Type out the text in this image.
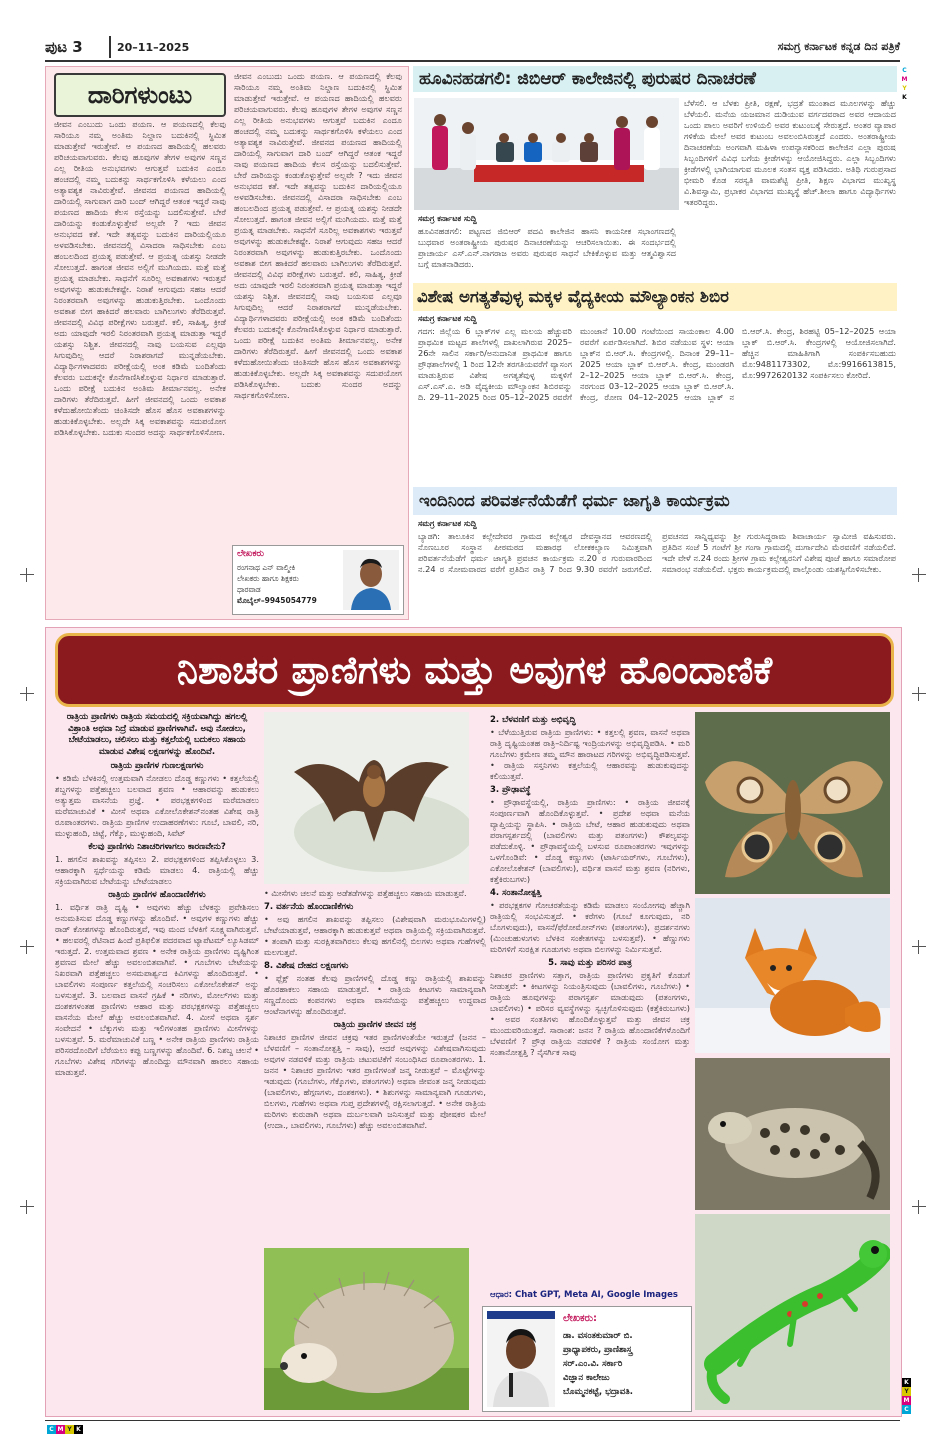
ಪುಟ 3	20–11–2025	ಸಮಗ್ರ ಕರ್ನಾಟಕ ಕನ್ನಡ ದಿನ ಪತ್ರಿಕೆ
C
M
Y
K
K
Y
M
C
C M Y K
ದಾರಿಗಳುಂಟು
ಜೀವನ ಎಂಬುದು ಒಂದು ಪಯಣ. ಆ ಪಯಣದಲ್ಲಿ ಕೆಲವು ಸಾರಿಯೂ ನಮ್ಮ ಅಂತಿಮ ನಿಲ್ದಾಣ ಬದುಕಿನಲ್ಲಿ ಸ್ಥಿಮಿತ ಮಾಡುತ್ತೇವೆ ಇರುತ್ತೇವೆ. ಆ ಪಯಣದ ಹಾದಿಯಲ್ಲಿ ಹಲವರು ಪರಿಚಯವಾಗುವರು. ಕೆಲವು ಹೂವುಗಳ ತೇಗಳ ಅವುಗಳ ಸಣ್ಣನ ಎಲ್ಲ ರೀತಿಯ ಅನುಭವಗಳು ಆಗುತ್ತವೆ ಬದುಕಿನ ಎಂದೂ ಹಂಚದಲ್ಲಿ ನಮ್ಮ ಬದುಕನ್ನು ಸಾರ್ಥಕಗೊಳಿಸಿ ಕಳೆಯಲು ಎಂದ ಅತ್ಯಾವಶ್ಯಕ ನಾವಿರುತ್ತೇವೆ. ಜೀವನದ ಪಯಣದ ಹಾದಿಯಲ್ಲಿ ದಾರಿಯಲ್ಲಿ ಸಾಗುವಾಗ ದಾರಿ ಬಂದ್ ಆಗಿದ್ದರೆ ಆತಂಕ ಇದ್ದರೆ ನಾವು ಪಯಣದ ಹಾದಿಯ ಕೆಲಸ ರಸ್ತೆಯನ್ನು ಬದಲಿಸುತ್ತೇವೆ. ಬೇರೆ ದಾರಿಯನ್ನು ಕಂಡುಕೊಳ್ಳುತ್ತೇವೆ ಅಲ್ಲವೇ ? ಇದು ಜೀವನ ಅನುಭವದ ಕತೆ. ಇದೇ ತತ್ವವನ್ನು ಬದುಕಿನ ದಾರಿಯಲ್ಲಿಯೂ ಅಳವಡಿಸಬೇಕು. ಜೀವನದಲ್ಲಿ ವಿಸಾದರಾ ಸಾಧಿಸಬೇಕು ಎಂಬ ಹಂಬಲದಿಂದ ಪ್ರಯತ್ನ ಪಡುತ್ತೇವೆ. ಆ ಪ್ರಯತ್ನ ಯಶಸ್ಸು ನೀಡದೇ ಸೋಲುತ್ತದೆ. ಹಾಗಂತ ಜೀವನ ಅಲ್ಲಿಗೆ ಮುಗಿಯದು. ಮತ್ತೆ ಮತ್ತೆ ಪ್ರಯತ್ನ ಮಾಡಬೇಕು. ಸಾಧನೆಗೆ ಸೂರಿಲ್ಲ ಅವಕಾಶಗಳು ಇರುತ್ತವೆ ಅವುಗಳನ್ನು ಹುಡುಕಬೇಕಷ್ಟೇ. ನಿರಾಶೆ ಆಗುವುದು ಸಹಜ ಆದರೆ ನಿರಂತರವಾಗಿ ಅವುಗಳನ್ನು ಹುಡುಕುತ್ತಿರಬೇಕು. ಒಂದೊಂದು ಅವಕಾಶ ಬೀಗ ಹಾಕಿದರೆ ಹಲವಾರು ಬಾಗಿಲುಗಳು ತೆರೆದಿರುತ್ತವೆ. ಜೀವನದಲ್ಲಿ ವಿವಿಧ ಪರೀಕ್ಷೆಗಳು ಬರುತ್ತವೆ. ಕಲಿ, ಸಾಹಿತ್ಯ, ಕ್ರೀಡೆ ಅದು ಯಾವುದೇ ಇರಲಿ ನಿರಂತರವಾಗಿ ಪ್ರಯತ್ನ ಮಾಡುತ್ತಾ ಇದ್ದರೆ ಯಶಸ್ಸು ನಿಶ್ಚಿತ. ಜೀವನದಲ್ಲಿ ನಾವು ಬಯಸುವ ಎಲ್ಲವೂ ಸಿಗುವುದಿಲ್ಲ ಆದರೆ ನಿರಾಶರಾಗದೆ ಮುನ್ನಡೆಯಬೇಕು. ವಿದ್ಯಾರ್ಥಿಗಳಾದವರು ಪರೀಕ್ಷೆಯಲ್ಲಿ ಅಂಕ ಕಡಿಮೆ ಬಂದಿತೆಂದು ಕೆಲವರು ಬದುಕನ್ನೇ ಕೊನೆಗಾಣಿಸಿಕೊಳ್ಳುವ ನಿರ್ಧಾರ ಮಾಡುತ್ತಾರೆ. ಒಂದು ಪರೀಕ್ಷೆ ಬದುಕಿನ ಅಂತಿಮ ತೀರ್ಮಾನವಲ್ಲ. ಅನೇಕ ದಾರಿಗಳು ತೆರೆದಿರುತ್ತವೆ. ಹೀಗೆ ಜೀವನದಲ್ಲಿ ಒಂದು ಅವಕಾಶ ಕಳೆದುಹೋಯಿತೆಂದು ಚಿಂತಿಸದೇ ಹೊಸ ಹೊಸ ಅವಕಾಶಗಳನ್ನು ಹುಡುಕಿಕೊಳ್ಳಬೇಕು. ಅಲ್ಲದೇ ಸಿಕ್ಕ ಅವಕಾಶವನ್ನು ಸದುಪಯೋಗ ಪಡಿಸಿಕೊಳ್ಳಬೇಕು. ಬದುಕು ಸುಂದರ ಅದನ್ನು ಸಾರ್ಥಕಗೊಳಿಸೋಣ.
ಜೀವನ ಎಂಬುದು ಒಂದು ಪಯಣ. ಆ ಪಯಣದಲ್ಲಿ ಕೆಲವು ಸಾರಿಯೂ ನಮ್ಮ ಅಂತಿಮ ನಿಲ್ದಾಣ ಬದುಕಿನಲ್ಲಿ ಸ್ಥಿಮಿತ ಮಾಡುತ್ತೇವೆ ಇರುತ್ತೇವೆ. ಆ ಪಯಣದ ಹಾದಿಯಲ್ಲಿ ಹಲವರು ಪರಿಚಯವಾಗುವರು. ಕೆಲವು ಹೂವುಗಳ ತೇಗಳ ಅವುಗಳ ಸಣ್ಣನ ಎಲ್ಲ ರೀತಿಯ ಅನುಭವಗಳು ಆಗುತ್ತವೆ ಬದುಕಿನ ಎಂದೂ ಹಂಚದಲ್ಲಿ ನಮ್ಮ ಬದುಕನ್ನು ಸಾರ್ಥಕಗೊಳಿಸಿ ಕಳೆಯಲು ಎಂದ ಅತ್ಯಾವಶ್ಯಕ ನಾವಿರುತ್ತೇವೆ. ಜೀವನದ ಪಯಣದ ಹಾದಿಯಲ್ಲಿ ದಾರಿಯಲ್ಲಿ ಸಾಗುವಾಗ ದಾರಿ ಬಂದ್ ಆಗಿದ್ದರೆ ಆತಂಕ ಇದ್ದರೆ ನಾವು ಪಯಣದ ಹಾದಿಯ ಕೆಲಸ ರಸ್ತೆಯನ್ನು ಬದಲಿಸುತ್ತೇವೆ. ಬೇರೆ ದಾರಿಯನ್ನು ಕಂಡುಕೊಳ್ಳುತ್ತೇವೆ ಅಲ್ಲವೇ ? ಇದು ಜೀವನ ಅನುಭವದ ಕತೆ. ಇದೇ ತತ್ವವನ್ನು ಬದುಕಿನ ದಾರಿಯಲ್ಲಿಯೂ ಅಳವಡಿಸಬೇಕು. ಜೀವನದಲ್ಲಿ ವಿಸಾದರಾ ಸಾಧಿಸಬೇಕು ಎಂಬ ಹಂಬಲದಿಂದ ಪ್ರಯತ್ನ ಪಡುತ್ತೇವೆ. ಆ ಪ್ರಯತ್ನ ಯಶಸ್ಸು ನೀಡದೇ ಸೋಲುತ್ತದೆ. ಹಾಗಂತ ಜೀವನ ಅಲ್ಲಿಗೆ ಮುಗಿಯದು. ಮತ್ತೆ ಮತ್ತೆ ಪ್ರಯತ್ನ ಮಾಡಬೇಕು. ಸಾಧನೆಗೆ ಸೂರಿಲ್ಲ ಅವಕಾಶಗಳು ಇರುತ್ತವೆ ಅವುಗಳನ್ನು ಹುಡುಕಬೇಕಷ್ಟೇ. ನಿರಾಶೆ ಆಗುವುದು ಸಹಜ ಆದರೆ ನಿರಂತರವಾಗಿ ಅವುಗಳನ್ನು ಹುಡುಕುತ್ತಿರಬೇಕು. ಒಂದೊಂದು ಅವಕಾಶ ಬೀಗ ಹಾಕಿದರೆ ಹಲವಾರು ಬಾಗಿಲುಗಳು ತೆರೆದಿರುತ್ತವೆ. ಜೀವನದಲ್ಲಿ ವಿವಿಧ ಪರೀಕ್ಷೆಗಳು ಬರುತ್ತವೆ. ಕಲಿ, ಸಾಹಿತ್ಯ, ಕ್ರೀಡೆ ಅದು ಯಾವುದೇ ಇರಲಿ ನಿರಂತರವಾಗಿ ಪ್ರಯತ್ನ ಮಾಡುತ್ತಾ ಇದ್ದರೆ ಯಶಸ್ಸು ನಿಶ್ಚಿತ. ಜೀವನದಲ್ಲಿ ನಾವು ಬಯಸುವ ಎಲ್ಲವೂ ಸಿಗುವುದಿಲ್ಲ ಆದರೆ ನಿರಾಶರಾಗದೆ ಮುನ್ನಡೆಯಬೇಕು. ವಿದ್ಯಾರ್ಥಿಗಳಾದವರು ಪರೀಕ್ಷೆಯಲ್ಲಿ ಅಂಕ ಕಡಿಮೆ ಬಂದಿತೆಂದು ಕೆಲವರು ಬದುಕನ್ನೇ ಕೊನೆಗಾಣಿಸಿಕೊಳ್ಳುವ ನಿರ್ಧಾರ ಮಾಡುತ್ತಾರೆ. ಒಂದು ಪರೀಕ್ಷೆ ಬದುಕಿನ ಅಂತಿಮ ತೀರ್ಮಾನವಲ್ಲ. ಅನೇಕ ದಾರಿಗಳು ತೆರೆದಿರುತ್ತವೆ. ಹೀಗೆ ಜೀವನದಲ್ಲಿ ಒಂದು ಅವಕಾಶ ಕಳೆದುಹೋಯಿತೆಂದು ಚಿಂತಿಸದೇ ಹೊಸ ಹೊಸ ಅವಕಾಶಗಳನ್ನು ಹುಡುಕಿಕೊಳ್ಳಬೇಕು. ಅಲ್ಲದೇ ಸಿಕ್ಕ ಅವಕಾಶವನ್ನು ಸದುಪಯೋಗ ಪಡಿಸಿಕೊಳ್ಳಬೇಕು. ಬದುಕು ಸುಂದರ ಅದನ್ನು ಸಾರ್ಥಕಗೊಳಿಸೋಣ.
ಲೇಖಕರು
ರಂಗನಾಥ ಎನ್ ವಾಲ್ಮೀಕಿ
ಲೇಖಕರು ಹಾಗೂ ಶಿಕ್ಷಕರು
ಧಾರವಾಡ
ಮೊಬೈಲ್–9945054779
ಹೂವಿನಹಡಗಲಿ: ಜಿಬಿಆರ್ ಕಾಲೇಜಿನಲ್ಲಿ ಪುರುಷರ ದಿನಾಚರಣೆ
ಸಮಗ್ರ ಕರ್ನಾಟಕ ಸುದ್ದಿ
ಹೂವಿನಹಡಗಲಿ: ಪಟ್ಟಣದ ಜಿಬಿಆರ್ ಪದವಿ ಕಾಲೇಜಿನ ಹಾಸನಿ ಕಾಯನೀಕ ಸಭಾಂಗಣದಲ್ಲಿ ಬುಧವಾರ ಅಂತರಾಷ್ಟ್ರೀಯ ಪುರುಷರ ದಿನಾಚರಣೆಯನ್ನು ಆಚರಿಸಲಾಯಿತು. ಈ ಸಂದರ್ಭದಲ್ಲಿ ಪ್ರಾಚಾರ್ಯ ಎಸ್.ಎನ್.ನಾಗರಾಜ ಅವರು ಪುರುಷರ ಸಾಧನೆ ಬೇಕಿಕೊಳ್ಳುವ ಮತ್ತು ಆತ್ಮವಿಶ್ವಾಸದ ಬಗ್ಗೆ ಮಾತನಾಡಿದರು.
ಬೆಳೆಸಲಿ. ಆ ಬೆಳಕು ಪ್ರೀತಿ, ರಕ್ಷಣೆ, ಭದ್ರತೆ ಮುಂತಾದ ಮೂಲಗಳನ್ನು ಹೆಚ್ಚು ಬೆಳೆಯಲಿ. ಮನೆಯ ಯಜಮಾನ ದುಡಿಯುವ ವರ್ಗದವರಾದ ಅವರ ಆದಾಯದ ಒಂದು ಪಾಲು ಅವರಿಗೆ ಉಳಿಯಲಿ ಅವರ ಕುಟುಂಬಕ್ಕೆ ಸೇರುತ್ತದೆ. ಅಂತರ ವ್ಯಾಪಾರ ಗಳಿಕೆಯ ಮೇಲೆ ಅವರ ಕುಟುಂಬ ಅವಲಂಬಿಸಿರುತ್ತದೆ ಎಂದರು. ಅಂತರಾಷ್ಟ್ರೀಯ ದಿನಾಚರಣೆಯ ಅಂಗವಾಗಿ ಮಹಿಳಾ ಉಪನ್ಯಾಸಕರಿಂದ ಕಾಲೇಜಿನ ಎಲ್ಲಾ ಪುರುಷ ಸಿಬ್ಬಂದಿಗಳಿಗೆ ವಿವಿಧ ಬಗೆಯ ಕ್ರೀಡೆಗಳನ್ನು ಆಯೋಜಿಸಿದ್ದರು. ಎಲ್ಲಾ ಸಿಬ್ಬಂದಿಗಳು ಕ್ರೀಡೆಗಳಲ್ಲಿ ಭಾಗಿಯಾಗುವ ಮೂಲಕ ಸಂತಸ ವ್ಯಕ್ತ ಪಡಿಸಿದರು. ಅತಿಥಿ ಗುರುಪ್ರಸಾದ ಭೀಮರಿ ಕೊಡ ಸರಸ್ವತಿ ವಾಮಶೆಟ್ಟಿ ಪ್ರೀತಿ, ಶಿಕ್ಷಣ ವಿಭಾಗದ ಮುಖ್ಯಸ್ಥ ವಿ.ಶಿವಸ್ವಾಮಿ, ಪ್ರಭಾಕರ ವಿಭಾಗದ ಮುಖ್ಯಸ್ಥೆ ಹೆಚ್.ಶೀಲಾ ಹಾಗೂ ವಿದ್ಯಾರ್ಥಿಗಳು ಇತರರಿದ್ದರು.
ವಿಶೇಷ ಅಗತ್ಯತೆವುಳ್ಳ ಮಕ್ಕಳ ವೈದ್ಯಕೀಯ ಮೌಲ್ಯಾಂಕನ ಶಿಬಿರ
ಸಮಗ್ರ ಕರ್ನಾಟಕ ಸುದ್ದಿ
ಗದಗ: ಜಿಲ್ಲೆಯ 6 ಬ್ಲಾಕ್‌ಗಳ ಎಲ್ಲ ಮಲಯ ಹೆಚ್ಚುವರಿ ಪ್ರಾಥಮಿಕ ಮಟ್ಟದ ಶಾಲೆಗಳಲ್ಲಿ ದಾಖಲಾಗಿರುವ 2025–26ನೇ ಸಾಲಿನ ಸರ್ಕಾರಿ/ಅನುದಾನಿತ ಪ್ರಾಥಮಿಕ ಹಾಗೂ ಪ್ರೌಢಶಾಲೆಗಳಲ್ಲಿ 1 ರಿಂದ 12ನೇ ತರಗತಿಯವರೆಗೆ ವ್ಯಾಸಂಗ ಮಾಡುತ್ತಿರುವ ವಿಶೇಷ ಅಗತ್ಯತೆವುಳ್ಳ ಮಕ್ಕಳಿಗೆ ಎಸ್.ಎಸ್.ಎ. ಅಡಿ ವೈದ್ಯಕೀಯ ಮೌಲ್ಯಾಂಕನ ಶಿಬಿರವನ್ನು ದಿ. 29–11–2025 ರಿಂದ 05–12–2025 ರವರೆಗೆ ಮುಂಜಾನೆ 10.00 ಗಂಟೆಯಿಂದ ಸಾಯಂಕಾಲ 4.00 ರವರೆಗೆ ಏರ್ಪಡಿಸಲಾಗಿದೆ. ಶಿಬಿರ ನಡೆಯುವ ಸ್ಥಳ: ಆಯಾ ಬ್ಲಾಕ್‌ನ ಬಿ.ಆರ್.ಸಿ. ಕೇಂದ್ರಗಳಲ್ಲಿ. ದಿನಾಂಕ 29–11–2025 ಆಯಾ ಬ್ಲಾಕ್ ಬಿ.ಆರ್.ಸಿ. ಕೇಂದ್ರ, ಮುಂಡರಗಿ 2–12–2025 ಆಯಾ ಬ್ಲಾಕ್ ಬಿ.ಆರ್.ಸಿ. ಕೇಂದ್ರ, ನರಗುಂದ 03–12–2025 ಆಯಾ ಬ್ಲಾಕ್ ಬಿ.ಆರ್.ಸಿ. ಕೇಂದ್ರ, ರೋಣ 04–12–2025 ಆಯಾ ಬ್ಲಾಕ್ ನ ಬಿ.ಆರ್.ಸಿ. ಕೇಂದ್ರ, ಶಿರಹಟ್ಟಿ 05–12–2025 ಆಯಾ ಬ್ಲಾಕ್ ಬಿ.ಆರ್.ಸಿ. ಕೇಂದ್ರಗಳಲ್ಲಿ ಆಯೋಜಿಸಲಾಗಿದೆ. ಹೆಚ್ಚಿನ ಮಾಹಿತಿಗಾಗಿ ಸಂಪರ್ಕಿಸಬಹುದು ಮೊ:9481173302, ಮೊ:9916613815, ಮೊ:9972620132 ಸಂಪರ್ಕಿಸಲು ಕೋರಿದೆ.
ಇಂದಿನಿಂದ ಪರಿವರ್ತನೆಯೆಡೆಗೆ ಧರ್ಮ ಜಾಗೃತಿ ಕಾರ್ಯಕ್ರಮ
ಸಮಗ್ರ ಕರ್ನಾಟಕ ಸುದ್ದಿ
ಬ್ಯಾಡಗಿ: ತಾಲೂಕಿನ ಕಲ್ಲೇದೇವರ ಗ್ರಾಮದ ಕಲ್ಲೇಶ್ವರ ದೇವಸ್ಥಾನದ ಆವರಣದಲ್ಲಿ ನೊಣಬೂರ ಸಂಸ್ಥಾನ ಪೀಠಮಠದ ಮಹಾರಥ ಲೋಕಕಲ್ಯಾಣ ನಿಮಿತ್ತವಾಗಿ ಪರಿವರ್ತನೆಯೆಡೆಗೆ ಧರ್ಮ ಜಾಗೃತಿ ಪ್ರವಚನ ಕಾರ್ಯಕ್ರಮ ನ.20 ರ ಗುರುವಾರದಿಂದ ನ.24 ರ ಸೋಮವಾರದ ವರೆಗೆ ಪ್ರತಿದಿನ ರಾತ್ರಿ 7 ರಿಂದ 9.30 ರವರೆಗೆ ಜರುಗಲಿದೆ. ಪ್ರವಚನದ ಸಾನ್ನಿಧ್ಯವನ್ನು ಶ್ರೀ ಗುರುಸಿದ್ಧರಾಮ ಶಿವಾಚಾರ್ಯ ಸ್ವಾಮೀಜಿ ವಹಿಸುವರು. ಪ್ರತಿದಿನ ಸಂಜೆ 5 ಗಂಟೆಗೆ ಶ್ರೀ ಗಂಗಾ ಗ್ರಾಮದಲ್ಲಿ ದುರ್ಗಾದೇವಿ ಮೆರವಣಿಗೆ ನಡೆಯಲಿದೆ. ಇದೇ ವೇಳೆ ನ.24 ರಂದು ಶ್ರೀಗಳ ಗ್ರಾಮ ಕಲ್ಲೇಶ್ವರನಿಗೆ ವಿಶೇಷ ಪೂಜೆ ಹಾಗೂ ಸಮಾರೋಪ ಸಮಾರಂಭ ನಡೆಯಲಿದೆ. ಭಕ್ತರು ಕಾರ್ಯಕ್ರಮದಲ್ಲಿ ಪಾಲ್ಗೊಂಡು ಯಶಸ್ವಿಗೊಳಿಸಬೇಕು.
ನಿಶಾಚರ ಪ್ರಾಣಿಗಳು ಮತ್ತು ಅವುಗಳ ಹೊಂದಾಣಿಕೆ
ರಾತ್ರಿಯ ಪ್ರಾಣಿಗಳು ರಾತ್ರಿಯ ಸಮಯದಲ್ಲಿ ಸಕ್ರಿಯವಾಗಿದ್ದು ಹಗಲಲ್ಲಿ ವಿಶ್ರಾಂತಿ ಅಥವಾ ನಿದ್ರೆ ಮಾಡುವ ಪ್ರಾಣಿಗಳಾಗಿವೆ. ಅವು ನೋಡಲು, ಬೇಟೆಯಾಡಲು, ಚಲಿಸಲು ಮತ್ತು ಕತ್ತಲೆಯಲ್ಲಿ ಬದುಕಲು ಸಹಾಯ ಮಾಡುವ ವಿಶೇಷ ಲಕ್ಷಣಗಳನ್ನು ಹೊಂದಿವೆ.
ರಾತ್ರಿಯ ಪ್ರಾಣಿಗಳ ಗುಣಲಕ್ಷಣಗಳು
• ಕಡಿಮೆ ಬೆಳಕಿನಲ್ಲಿ ಉತ್ತಮವಾಗಿ ನೋಡಲು ದೊಡ್ಡ ಕಣ್ಣುಗಳು • ಕತ್ತಲೆಯಲ್ಲಿ ಶಬ್ದಗಳನ್ನು ಪತ್ತೆಹಚ್ಚಲು ಬಲವಾದ ಶ್ರವಣ • ಆಹಾರವನ್ನು ಹುಡುಕಲು ಅತ್ಯುತ್ತಮ ವಾಸನೆಯ ಪ್ರಜ್ಞೆ. • ಪರಭಕ್ಷಕಗಳಿಂದ ಮರೆಮಾಡಲು ಮರೆಮಾಚುವಿಕೆ • ಮೀಸೆ ಅಥವಾ ಎಕೋಲೊಕೇಶನ್‌ನಂತಹ ವಿಶೇಷ ರಾತ್ರಿ ರೂಪಾಂತರಗಳು. ರಾತ್ರಿಯ ಪ್ರಾಣಿಗಳ ಉದಾಹರಣೆಗಳು: ಗೂಬೆ, ಬಾವಲಿ, ನರಿ, ಮುಳ್ಳುಹಂದಿ, ಚಿಟ್ಟೆ, ಗೆಕ್ಕೊ, ಮುಳ್ಳುಹಂದಿ, ಸಿವೆಟ್
ಕೆಲವು ಪ್ರಾಣಿಗಳು ನಿಶಾಚರಿಗಳಾಗಲು ಕಾರಣವೇನು?
1. ಹಗಲಿನ ಶಾಖವನ್ನು ತಪ್ಪಿಸಲು 2. ಪರಭಕ್ಷಕಗಳಿಂದ ತಪ್ಪಿಸಿಕೊಳ್ಳಲು 3. ಆಹಾರಕ್ಕಾಗಿ ಸ್ಪರ್ಧೆಯನ್ನು ಕಡಿಮೆ ಮಾಡಲು 4. ರಾತ್ರಿಯಲ್ಲಿ ಹೆಚ್ಚು ಸಕ್ರಿಯವಾಗಿರುವ ಬೇಟೆಯನ್ನು ಬೇಟೆಯಾಡಲು
ರಾತ್ರಿಯ ಪ್ರಾಣಿಗಳ ಹೊಂದಾಣಿಕೆಗಳು
1. ವರ್ಧಿತ ರಾತ್ರಿ ದೃಷ್ಟಿ • ಅವುಗಳು ಹೆಚ್ಚು ಬೆಳಕನ್ನು ಪ್ರವೇಶಿಸಲು ಅನುಮತಿಸುವ ದೊಡ್ಡ ಕಣ್ಣುಗಳನ್ನು ಹೊಂದಿವೆ. • ಅವುಗಳ ಕಣ್ಣುಗಳು ಹೆಚ್ಚು ರಾಡ್ ಕೋಶಗಳನ್ನು ಹೊಂದಿರುತ್ತವೆ, ಇವು ಮಂದ ಬೆಳಕಿಗೆ ಸೂಕ್ಷ್ಮವಾಗಿರುತ್ತವೆ. • ಹಲವರಲ್ಲಿ ರೆಟಿನಾದ ಹಿಂದೆ ಪ್ರತಿಫಲಿತ ಪದರವಾದ ಟ್ಯಾಪೆಟಮ್ ಲ್ಯೂಸಿಡಮ್ ಇರುತ್ತದೆ. 2. ಉತ್ತಮವಾದ ಶ್ರವಣ • ಅನೇಕ ರಾತ್ರಿಯ ಪ್ರಾಣಿಗಳು ದೃಷ್ಟಿಗಿಂತ ಶ್ರವಣದ ಮೇಲೆ ಹೆಚ್ಚು ಅವಲಂಬಿತವಾಗಿವೆ. • ಗೂಬೆಗಳು ಬೇಟೆಯನ್ನು ನಿಖರವಾಗಿ ಪತ್ತೆಹಚ್ಚಲು ಅಸಮಪಾರ್ಶ್ವದ ಕಿವಿಗಳನ್ನು ಹೊಂದಿರುತ್ತವೆ. • ಬಾವಲಿಗಳು ಸಂಪೂರ್ಣ ಕತ್ತಲೆಯಲ್ಲಿ ಸಂಚರಿಸಲು ಎಕೋಲೊಕೇಶನ್ ಅನ್ನು ಬಳಸುತ್ತವೆ. 3. ಬಲವಾದ ವಾಸನೆ ಗ್ರಹಿಕೆ • ನರಿಗಳು, ಮೋಲ್‌ಗಳು ಮತ್ತು ದಂಶಕಗಳಂತಹ ಪ್ರಾಣಿಗಳು ಆಹಾರ ಮತ್ತು ಪರಭಕ್ಷಕಗಳನ್ನು ಪತ್ತೆಹಚ್ಚಲು ವಾಸನೆಯ ಮೇಲೆ ಹೆಚ್ಚು ಅವಲಂಬಿತವಾಗಿವೆ. 4. ಮೀಸೆ ಅಥವಾ ಸ್ಪರ್ಶ ಸಂವೇದನೆ • ಬೆಕ್ಕುಗಳು ಮತ್ತು ಇಲಿಗಳಂತಹ ಪ್ರಾಣಿಗಳು ಮೀಸೆಗಳನ್ನು ಬಳಸುತ್ತವೆ. 5. ಮರೆಮಾಚುವಿಕೆ ಬಣ್ಣ • ಅನೇಕ ರಾತ್ರಿಯ ಪ್ರಾಣಿಗಳು ರಾತ್ರಿಯ ಪರಿಸರದೊಂದಿಗೆ ಬೆರೆಯಲು ಕಪ್ಪು ಬಣ್ಣಗಳನ್ನು ಹೊಂದಿವೆ. 6. ನಿಶಬ್ದ ಚಲನೆ • ಗೂಬೆಗಳು ವಿಶೇಷ ಗರಿಗಳನ್ನು ಹೊಂದಿದ್ದು ಮೌನವಾಗಿ ಹಾರಲು ಸಹಾಯ ಮಾಡುತ್ತವೆ.
• ಮೀಸೆಗಳು ಚಲನೆ ಮತ್ತು ಅಡೆತಡೆಗಳನ್ನು ಪತ್ತೆಹಚ್ಚಲು ಸಹಾಯ ಮಾಡುತ್ತವೆ.
7. ವರ್ತನೆಯ ಹೊಂದಾಣಿಕೆಗಳು
• ಅವು ಹಗಲಿನ ಶಾಖವನ್ನು ತಪ್ಪಿಸಲು (ವಿಶೇಷವಾಗಿ ಮರುಭೂಮಿಗಳಲ್ಲಿ) ಬೇಟೆಯಾಡುತ್ತವೆ, ಆಹಾರಕ್ಕಾಗಿ ಹುಡುಕುತ್ತವೆ ಅಥವಾ ರಾತ್ರಿಯಲ್ಲಿ ಸಕ್ರಿಯವಾಗಿರುತ್ತವೆ. • ತಂಪಾಗಿ ಮತ್ತು ಸುರಕ್ಷಿತವಾಗಿರಲು ಕೆಲವು ಹಗಲಿನಲ್ಲಿ ಬಿಲಗಳು ಅಥವಾ ಗುಹೆಗಳಲ್ಲಿ ಮಲಗುತ್ತವೆ.
8. ವಿಶೇಷ ದೇಹದ ಲಕ್ಷಣಗಳು
• ಫ್ಲೆಕ್ಷ್ ನಂತಹ ಕೆಲವು ಪ್ರಾಣಿಗಳಲ್ಲಿ ದೊಡ್ಡ ಕಣ್ಣು ರಾತ್ರಿಯಲ್ಲಿ ಶಾಖವನ್ನು ಹೊರಹಾಕಲು ಸಹಾಯ ಮಾಡುತ್ತವೆ. • ರಾತ್ರಿಯ ಕೀಟಗಳು ಸಾಮಾನ್ಯವಾಗಿ ಸಣ್ಣದೊಂದು ಕಂಪನಗಳು ಅಥವಾ ವಾಸನೆಯನ್ನು ಪತ್ತೆಹಚ್ಚಲು ಉದ್ದವಾದ ಆಂಟೆನಾಗಳನ್ನು ಹೊಂದಿರುತ್ತವೆ.
ರಾತ್ರಿಯ ಪ್ರಾಣಿಗಳ ಜೀವನ ಚಕ್ರ
ನಿಶಾಚರ ಪ್ರಾಣಿಗಳ ಜೀವನ ಚಕ್ರವು ಇತರ ಪ್ರಾಣಿಗಳಂತೆಯೇ ಇರುತ್ತದೆ (ಜನನ – ಬೆಳವಣಿಗೆ – ಸಂತಾನೋತ್ಪತ್ತಿ – ಸಾವು), ಆದರೆ ಅವುಗಳನ್ನು ವಿಶೇಷವಾಗಿಸುವುದು ಅವುಗಳ ನಡವಳಿಕೆ ಮತ್ತು ರಾತ್ರಿಯ ಚಟುವಟಿಕೆಗೆ ಸಂಬಂಧಿಸಿದ ರೂಪಾಂತರಗಳು. 1. ಜನನ • ನಿಶಾಚರ ಪ್ರಾಣಿಗಳು ಇತರ ಪ್ರಾಣಿಗಳಂತೆ ಜನ್ಮ ನೀಡುತ್ತವೆ – ಮೊಟ್ಟೆಗಳನ್ನು ಇಡುವುದು (ಗೂಬೆಗಳು, ಗೆಕ್ಕೊಗಳು, ಪತಂಗಗಳು) ಅಥವಾ ಜೀವಂತ ಜನ್ಮ ನೀಡುವುದು (ಬಾವಲಿಗಳು, ಹೆಗ್ಗಣಗಳು, ದಂಶಕಗಳು). • ಶಿಶುಗಳನ್ನು ಸಾಮಾನ್ಯವಾಗಿ ಗೂಡುಗಳು, ಬಿಲಗಳು, ಗುಹೆಗಳು ಅಥವಾ ಗುಪ್ತ ಪ್ರದೇಶಗಳಲ್ಲಿ ರಕ್ಷಿಸಲಾಗುತ್ತದೆ. • ಅನೇಕ ರಾತ್ರಿಯ ಮರಿಗಳು ಕುರುಡಾಗಿ ಅಥವಾ ದುರ್ಬಲವಾಗಿ ಜನಿಸುತ್ತವೆ ಮತ್ತು ಪೋಷಕರ ಮೇಲೆ (ಉದಾ., ಬಾವಲಿಗಳು, ಗೂಬೆಗಳು) ಹೆಚ್ಚು ಅವಲಂಬಿತವಾಗಿವೆ.
2. ಬೆಳವಣಿಗೆ ಮತ್ತು ಅಭಿವೃದ್ಧಿ
• ಬೆಳೆಯುತ್ತಿರುವ ರಾತ್ರಿಯ ಪ್ರಾಣಿಗಳು: • ಕತ್ತಲಲ್ಲಿ ಶ್ರವಣ, ವಾಸನೆ ಅಥವಾ ರಾತ್ರಿ ದೃಷ್ಟಿಯಂತಹ ರಾತ್ರಿ–ನಿರ್ದಿಷ್ಟ ಇಂದ್ರಿಯಗಳನ್ನು ಅಭಿವೃದ್ಧಿಪಡಿಸಿ. • ಮರಿ ಗೂಬೆಗಳು ಕ್ರಮೇಣ ತಮ್ಮ ಮೌನ ಹಾರಾಟದ ಗರಿಗಳನ್ನು ಅಭಿವೃದ್ಧಿಪಡಿಸುತ್ತವೆ. • ರಾತ್ರಿಯ ಸಸ್ತನಿಗಳು ಕತ್ತಲೆಯಲ್ಲಿ ಆಹಾರವನ್ನು ಹುಡುಕುವುದನ್ನು ಕಲಿಯುತ್ತವೆ.
3. ಪ್ರೌಢಾವಸ್ಥೆ
• ಪ್ರೌಢಾವಸ್ಥೆಯಲ್ಲಿ, ರಾತ್ರಿಯ ಪ್ರಾಣಿಗಳು: • ರಾತ್ರಿಯ ಜೀವನಕ್ಕೆ ಸಂಪೂರ್ಣವಾಗಿ ಹೊಂದಿಕೊಳ್ಳುತ್ತವೆ. • ಪ್ರದೇಶ ಅಥವಾ ಮನೆಯ ವ್ಯಾಪ್ತಿಯನ್ನು ಸ್ಥಾಪಿಸಿ. • ರಾತ್ರಿಯ ಬೇಟೆ, ಆಹಾರ ಹುಡುಕುವುದು ಅಥವಾ ಪರಾಗಸ್ಪರ್ಶದಲ್ಲಿ (ಬಾವಲಿಗಳು ಮತ್ತು ಪತಂಗಗಳು) ಕೌಶಲ್ಯವನ್ನು ಪಡೆದುಕೊಳ್ಳಿ. • ಪ್ರೌಢಾವಸ್ಥೆಯಲ್ಲಿ ಬಳಸುವ ರೂಪಾಂತರಗಳು ಇವುಗಳನ್ನು ಒಳಗೊಂಡಿವೆ: • ದೊಡ್ಡ ಕಣ್ಣುಗಳು (ಟಾರ್ಸಿಯರ್‌ಗಳು, ಗೂಬೆಗಳು), ಎಕೋಲೊಕೇಶನ್ (ಬಾವಲಿಗಳು), ವರ್ಧಿತ ವಾಸನೆ ಮತ್ತು ಶ್ರವಣ (ನರಿಗಳು, ಕತ್ತೆಕಿರುಬಗಳು)
4. ಸಂತಾನೋತ್ಪತ್ತಿ
• ಪರಭಕ್ಷಕಗಳ ಗೋಚರತೆಯನ್ನು ಕಡಿಮೆ ಮಾಡಲು ಸಂಯೋಗವು ಹೆಚ್ಚಾಗಿ ರಾತ್ರಿಯಲ್ಲಿ ಸಂಭವಿಸುತ್ತದೆ. • ಕರೆಗಳು (ಗೂಬೆ ಕೂಗುವುದು, ನರಿ ಬೊಗಳುವುದು), ವಾಸನೆ/ಫೆರೋಮೋನ್‌ಗಳು (ಪತಂಗಗಳು), ಪ್ರದರ್ಶನಗಳು (ಮಿಂಚುಹುಳುಗಳು ಬೆಳಕಿನ ಸಂಕೇತಗಳನ್ನು ಬಳಸುತ್ತವೆ). • ಹೆಣ್ಣುಗಳು ಮರಿಗಳಿಗೆ ಸುರಕ್ಷಿತ ಗೂಡುಗಳು ಅಥವಾ ಬಿಲಗಳನ್ನು ನಿರ್ಮಿಸುತ್ತವೆ.
5. ಸಾವು ಮತ್ತು ಪರಿಸರ ಪಾತ್ರ
ನಿಶಾಚರ ಪ್ರಾಣಿಗಳು ಸತ್ತಾಗ, ರಾತ್ರಿಯ ಪ್ರಾಣಿಗಳು ಪ್ರಕೃತಿಗೆ ಕೊಡುಗೆ ನೀಡುತ್ತವೆ: • ಕೀಟಗಳನ್ನು ನಿಯಂತ್ರಿಸುವುದು (ಬಾವಲಿಗಳು, ಗೂಬೆಗಳು) • ರಾತ್ರಿಯ ಹೂವುಗಳನ್ನು ಪರಾಗಸ್ಪರ್ಶ ಮಾಡುವುದು (ಪತಂಗಗಳು, ಬಾವಲಿಗಳು) • ಪರಿಸರ ವ್ಯವಸ್ಥೆಗಳನ್ನು ಸ್ವಚ್ಛಗೊಳಿಸುವುದು (ಕತ್ತೆಕಿರುಬಗಳು) • ಅವರ ಸಂತತಿಗಳು ಹೊಂದಿಕೊಳ್ಳುತ್ತವೆ ಮತ್ತು ಜೀವನ ಚಕ್ರ ಮುಂದುವರಿಯುತ್ತದೆ. ಸಾರಾಂಶ: ಜನನ ? ರಾತ್ರಿಯ ಹೊಂದಾಣಿಕೆಗಳೊಂದಿಗೆ ಬೆಳವಣಿಗೆ ? ಪ್ರೌಢ ರಾತ್ರಿಯ ನಡವಳಿಕೆ ? ರಾತ್ರಿಯ ಸಂಯೋಗ ಮತ್ತು ಸಂತಾನೋತ್ಪತ್ತಿ ? ನೈಸರ್ಗಿಕ ಸಾವು
ಆಧಾರ: Chat GPT, Meta AI, Google Images
ಲೇಖಕರು:
ಡಾ. ವಸಂತಕುಮಾರ್ ಬಿ.
ಪ್ರಾಧ್ಯಾಪಕರು, ಪ್ರಾಣಿಶಾಸ್ತ್ರ
ಸರ್.ಎಂ.ವಿ. ಸರ್ಕಾರಿ
ವಿಜ್ಞಾನ ಕಾಲೇಜು
ಬೊಮ್ಮನಕಟ್ಟೆ, ಭದ್ರಾವತಿ.
